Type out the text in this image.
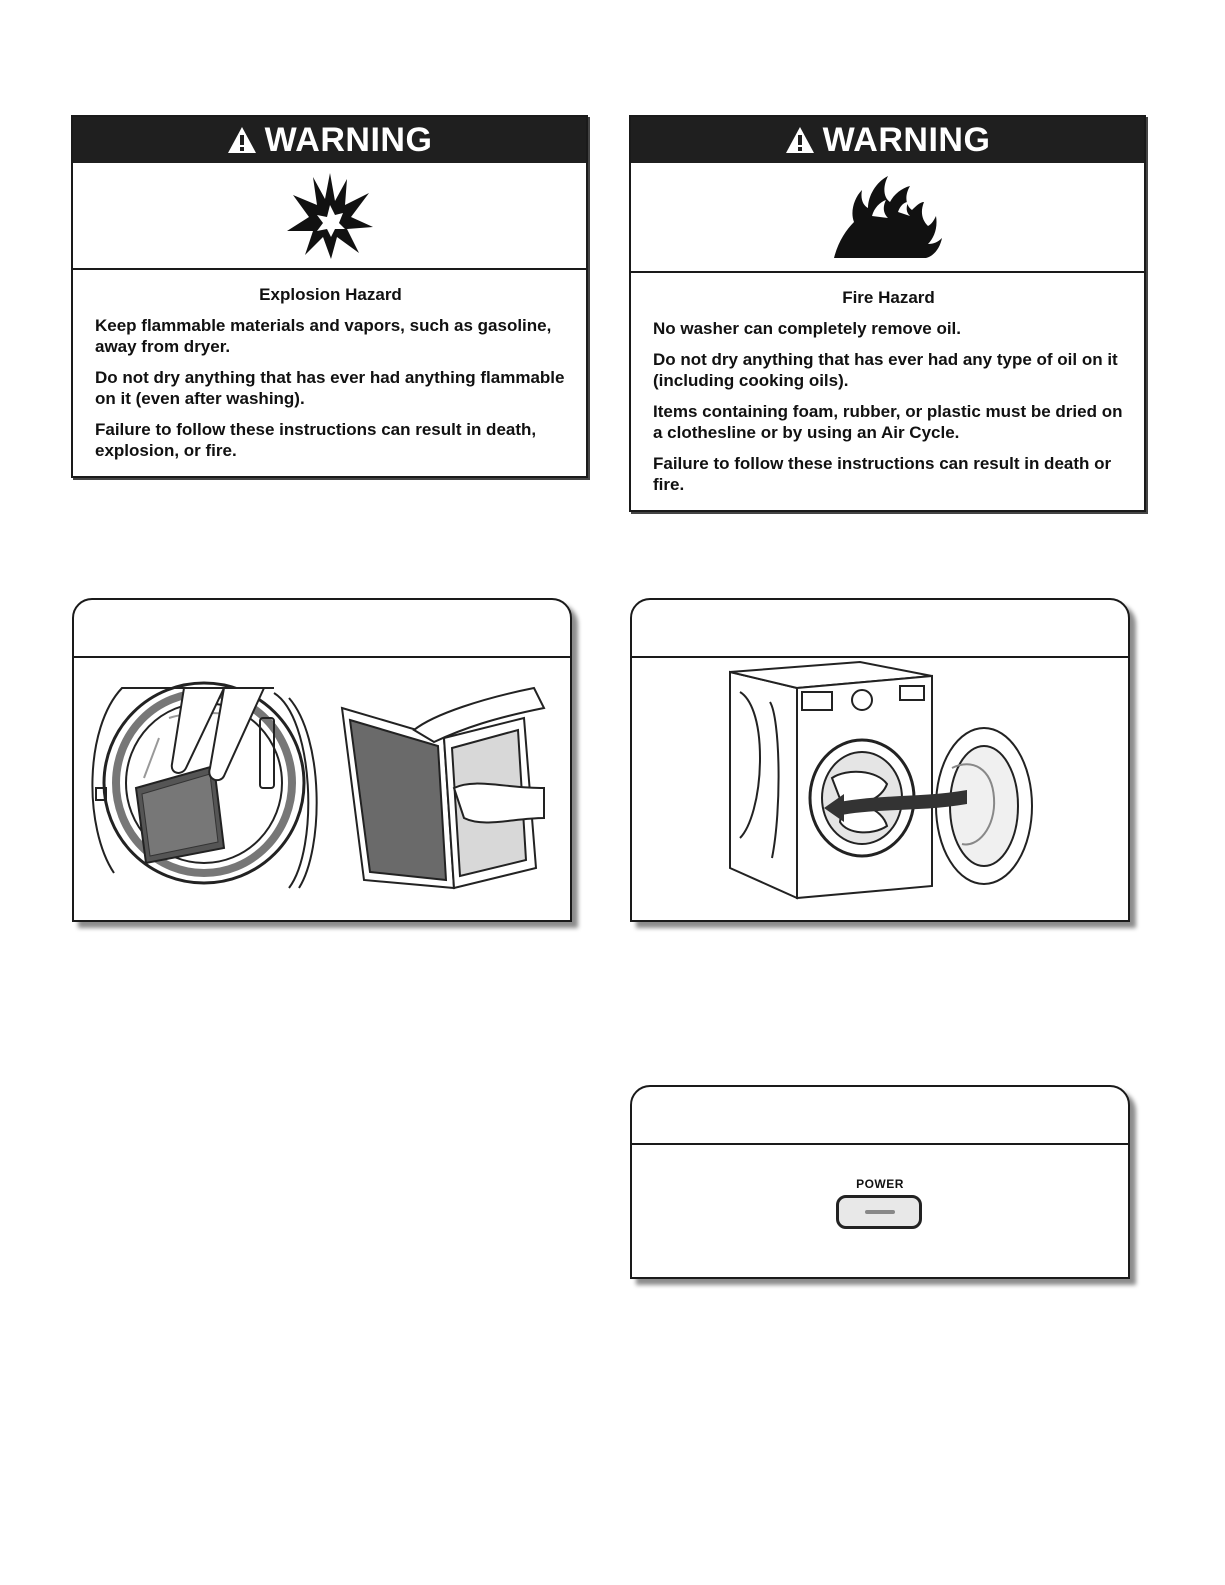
WARNING
Explosion Hazard

Keep flammable materials and vapors, such as gasoline, away from dryer.

Do not dry anything that has ever had anything flammable on it (even after washing).

Failure to follow these instructions can result in death, explosion, or fire.

WARNING
Fire Hazard

No washer can completely remove oil.

Do not dry anything that has ever had any type of oil on it (including cooking oils).

Items containing foam, rubber, or plastic must be dried on a clothesline or by using an Air Cycle.

Failure to follow these instructions can result in death or fire.

POWER
